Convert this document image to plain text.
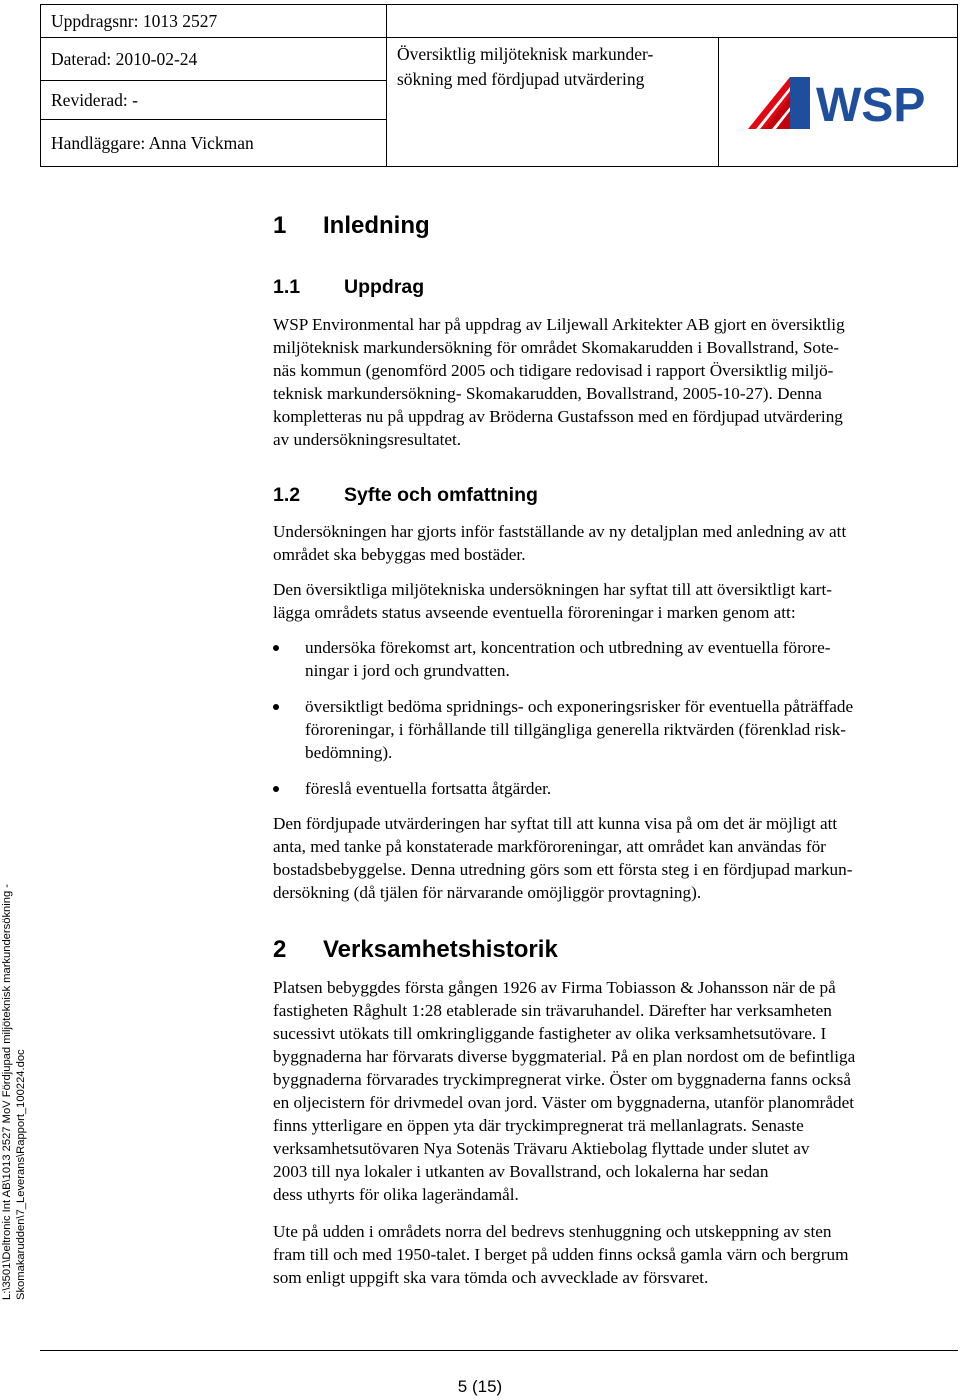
Uppdragsnr: 1013 2527
Daterad: 2010-02-24
Reviderad: -
Handläggare: Anna Vickman
Översiktlig miljöteknisk markunder-
sökning med fördjupad utvärdering	WSP
1 Inledning
1.1 Uppdrag
WSP Environmental har på uppdrag av Liljewall Arkitekter AB gjort en översiktlig
miljöteknisk markundersökning för området Skomakarudden i Bovallstrand, Sote-
näs kommun (genomförd 2005 och tidigare redovisad i rapport Översiktlig miljö-
teknisk markundersökning- Skomakarudden, Bovallstrand, 2005-10-27). Denna
kompletteras nu på uppdrag av Bröderna Gustafsson med en fördjupad utvärdering
av undersökningsresultatet.
1.2 Syfte och omfattning
Undersökningen har gjorts inför fastställande av ny detaljplan med anledning av att
området ska bebyggas med bostäder.
Den översiktliga miljötekniska undersökningen har syftat till att översiktligt kart-
lägga områdets status avseende eventuella föroreningar i marken genom att:
undersöka förekomst art, koncentration och utbredning av eventuella förore-
ningar i jord och grundvatten.
översiktligt bedöma spridnings- och exponeringsrisker för eventuella påträffade
föroreningar, i förhållande till tillgängliga generella riktvärden (förenklad risk-
bedömning).
föreslå eventuella fortsatta åtgärder.
Den fördjupade utvärderingen har syftat till att kunna visa på om det är möjligt att
anta, med tanke på konstaterade markföroreningar, att området kan användas för
bostadsbebyggelse. Denna utredning görs som ett första steg i en fördjupad markun-
dersökning (då tjälen för närvarande omöjliggör provtagning).
2 Verksamhetshistorik
Platsen bebyggdes första gången 1926 av Firma Tobiasson & Johansson när de på
fastigheten Råghult 1:28 etablerade sin trävaruhandel. Därefter har verksamheten
sucessivt utökats till omkringliggande fastigheter av olika verksamhetsutövare. I
byggnaderna har förvarats diverse byggmaterial. På en plan nordost om de befintliga
byggnaderna förvarades tryckimpregnerat virke. Öster om byggnaderna fanns också
en oljecistern för drivmedel ovan jord. Väster om byggnaderna, utanför planområdet
finns ytterligare en öppen yta där tryckimpregnerat trä mellanlagrats. Senaste
verksamhetsutövaren Nya Sotenäs Trävaru Aktiebolag flyttade under slutet av
2003 till nya lokaler i utkanten av Bovallstrand, och lokalerna har sedan
dess uthyrts för olika lagerändamål.
Ute på udden i områdets norra del bedrevs stenhuggning och utskeppning av sten
fram till och med 1950-talet. I berget på udden finns också gamla värn och bergrum
som enligt uppgift ska vara tömda och avvecklade av försvaret.
L:\3501\Deltronic Int AB\1013 2527 MoV Fördjupad miljöteknisk markundersökning - Skomakarudden\7_Leverans\Rapport_100224.doc
5 (15)
